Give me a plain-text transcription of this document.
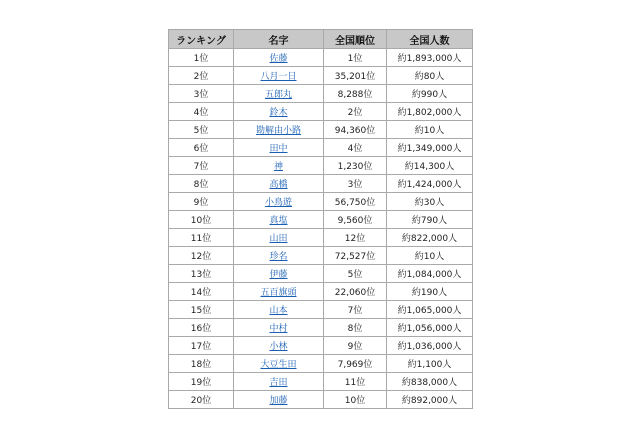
ランキング	名字	全国順位	全国人数
1位	佐藤	1位	約1,893,000人
2位	八月一日	35,201位	約80人
3位	五郎丸	8,288位	約990人
4位	鈴木	2位	約1,802,000人
5位	勘解由小路	94,360位	約10人
6位	田中	4位	約1,349,000人
7位	神	1,230位	約14,300人
8位	高橋	3位	約1,424,000人
9位	小鳥遊	56,750位	約30人
10位	真塩	9,560位	約790人
11位	山田	12位	約822,000人
12位	珍名	72,527位	約10人
13位	伊藤	5位	約1,084,000人
14位	五百旗頭	22,060位	約190人
15位	山本	7位	約1,065,000人
16位	中村	8位	約1,056,000人
17位	小林	9位	約1,036,000人
18位	大豆生田	7,969位	約1,100人
19位	吉田	11位	約838,000人
20位	加藤	10位	約892,000人
